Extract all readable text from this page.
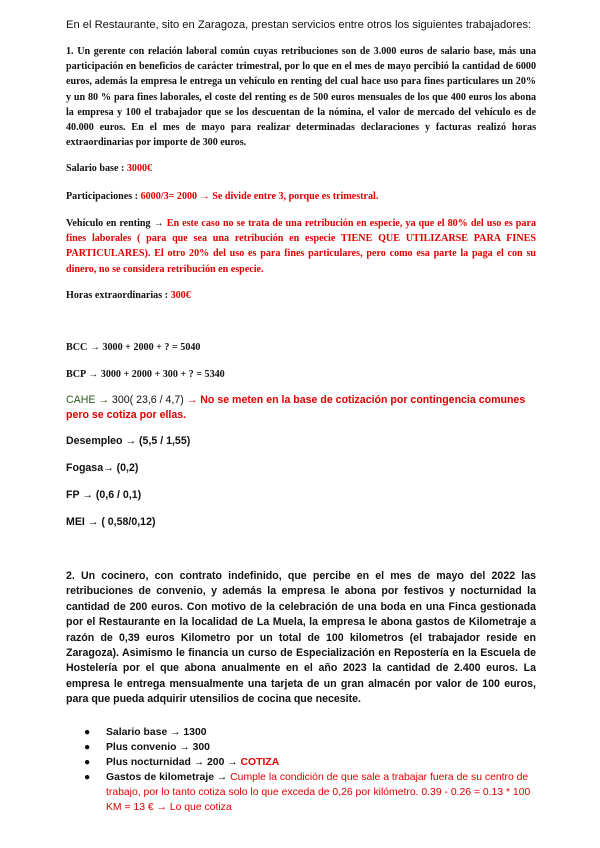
En el Restaurante, sito en Zaragoza, prestan servicios entre otros los siguientes trabajadores:

1. Un gerente con relación laboral común cuyas retribuciones son de 3.000 euros de salario base, más una participación en beneficios de carácter trimestral, por lo que en el mes de mayo percibió la cantidad de 6000 euros, además la empresa le entrega un vehículo en renting del cual hace uso para fines particulares un 20% y un 80 % para fines laborales, el coste del renting es de 500 euros mensuales de los que 400 euros los abona la empresa y 100 el trabajador que se los descuentan de la nómina, el valor de mercado del vehículo es de 40.000 euros. En el mes de mayo para realizar determinadas declaraciones y facturas realizó horas extraordinarias por importe de 300 euros.

Salario base : 3000€

Participaciones : 6000/3= 2000 → Se divide entre 3, porque es trimestral.

Vehículo en renting → En este caso no se trata de una retribución en especie, ya que el 80% del uso es para fines laborales ( para que sea una retribución en especie TIENE QUE UTILIZARSE PARA FINES PARTICULARES). El otro 20% del uso es para fines particulares, pero como esa parte la paga el con su dinero, no se considera retribución en especie.

Horas extraordinarias : 300€

BCC → 3000 + 2000 + ? = 5040

BCP → 3000 + 2000 + 300 + ? = 5340

CAHE → 300( 23,6 / 4,7) → No se meten en la base de cotización por contingencia comunes pero se cotiza por ellas.

Desempleo → (5,5 / 1,55)

Fogasa→ (0,2)

FP → (0,6 / 0,1)

MEI → ( 0,58/0,12)

2. Un cocinero, con contrato indefinido, que percibe en el mes de mayo del 2022 las retribuciones de convenio, y además la empresa le abona por festivos y nocturnidad la cantidad de 200 euros. Con motivo de la celebración de una boda en una Finca gestionada por el Restaurante en la localidad de La Muela, la empresa le abona gastos de Kilometraje a razón de 0,39 euros Kilometro por un total de 100 kilometros (el trabajador reside en Zaragoza). Asimismo le financia un curso de Especialización en Repostería en la Escuela de Hostelería por el que abona anualmente en el año 2023 la cantidad de 2.400 euros. La empresa le entrega mensualmente una tarjeta de un gran almacén por valor de 100 euros, para que pueda adquirir utensilios de cocina que necesite.

● Salario base → 1300
● Plus convenio → 300
● Plus nocturnidad → 200 → COTIZA
● Gastos de kilometraje → Cumple la condición de que sale a trabajar fuera de su centro de trabajo, por lo tanto cotiza solo lo que exceda de 0,26 por kilómetro. 0.39 - 0.26 = 0.13 * 100 KM = 13 € → Lo que cotiza
